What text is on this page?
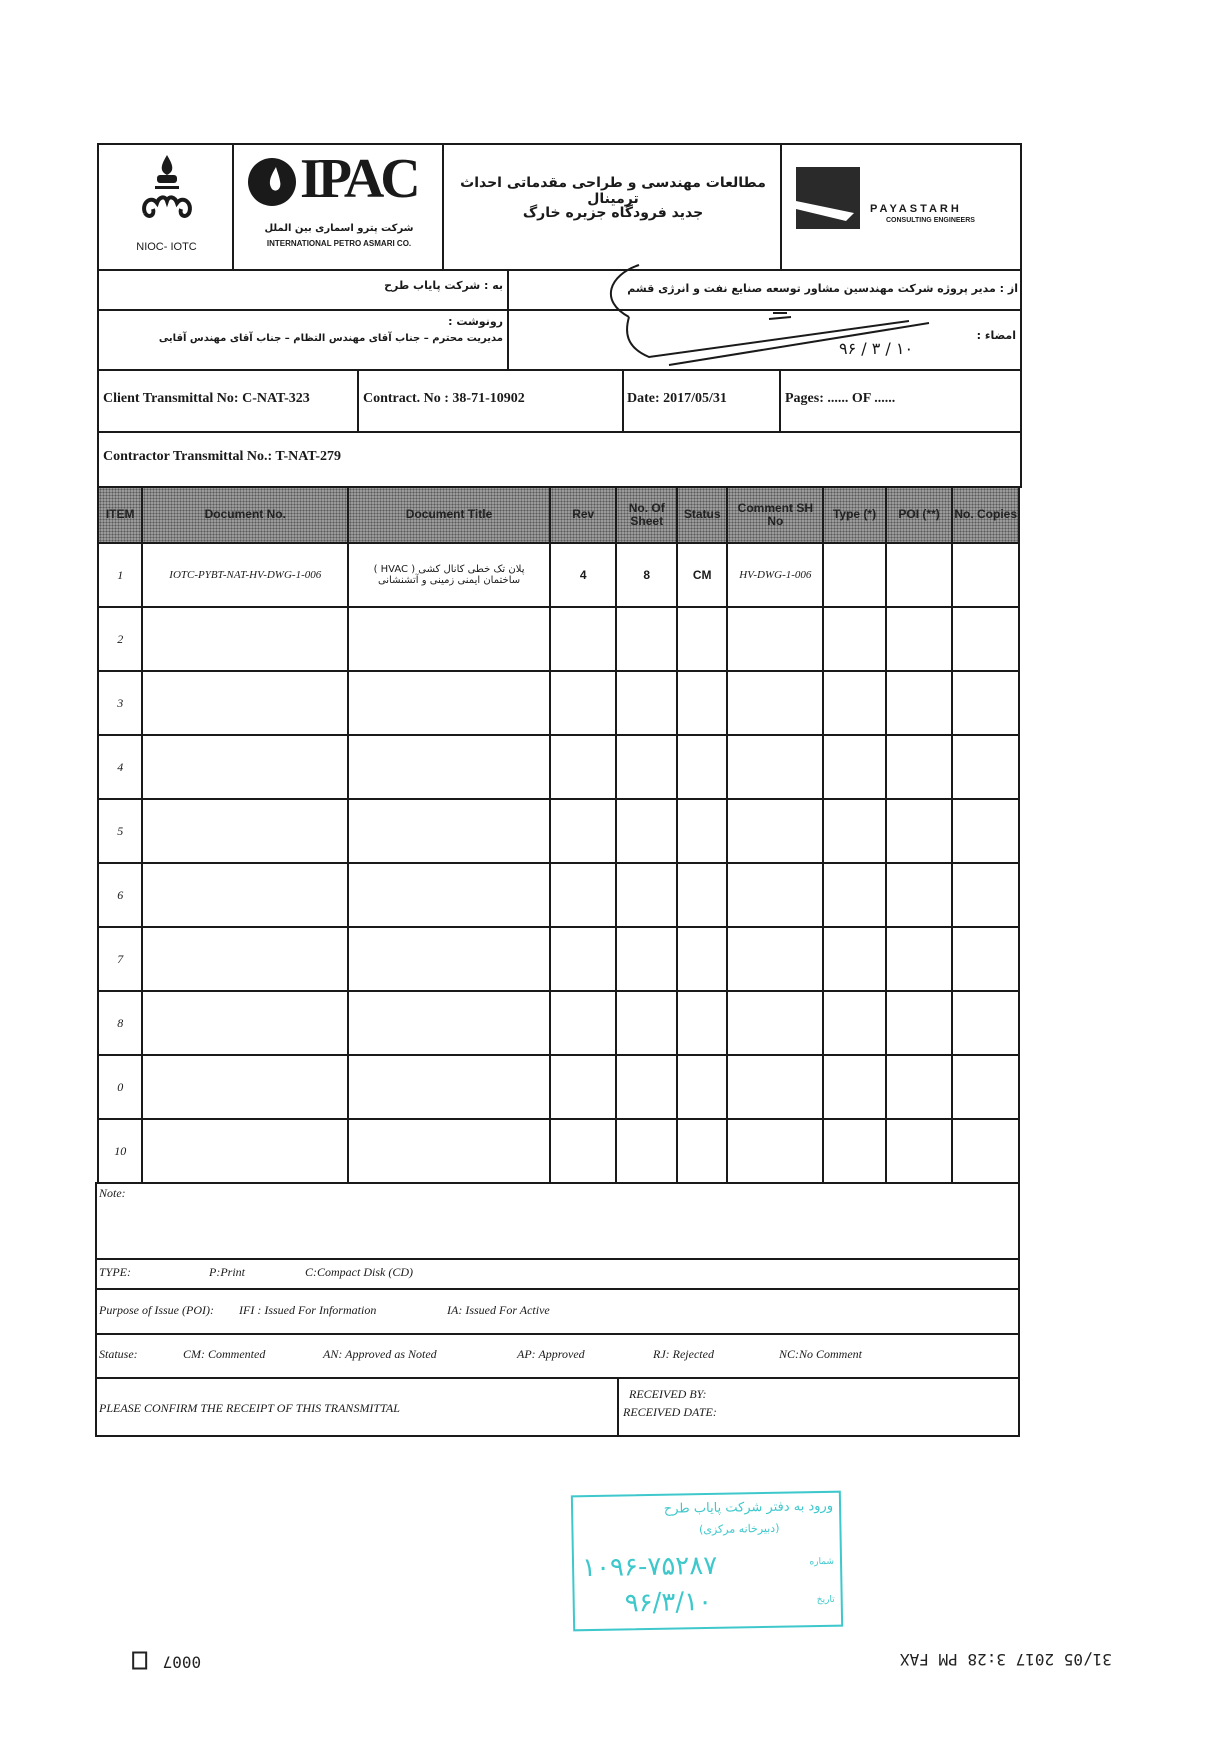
NIOC- IOTC
IPAC
شرکت پترو اسماری بین الملل
INTERNATIONAL PETRO ASMARI CO.
مطالعات مهندسی و طراحی مقدماتی احداث ترمینال
جدید فرودگاه جزیره خارگ	PAYASTARH
CONSULTING ENGINEERS
به : شرکت پایاب طرح	از : مدیر پروژه شرکت مهندسین مشاور توسعه صنایع نفت و انرژی قشم
رونوشت :
مدیریت محترم – جناب آقای مهندس التظام – جناب آقای مهندس آقایی	امضاء :
۱۰ / ۳ / ۹۶
Client Transmittal No: C-NAT-323	Contract. No : 38-71-10902	Date: 2017/05/31	Pages: ...... OF ......
Contractor Transmittal No.: T-NAT-279
ITEM	Document No.	Document Title	Rev	No. Of Sheet	Status	Comment SH No	Type (*)	POI (**)	No. Copies
1	IOTC-PYBT-NAT-HV-DWG-1-006	پلان تک خطی کانال کشی ( HVAC ) ساختمان ایمنی زمینی و آتشنشانی	4	8	CM	HV-DWG-1-006			
2									
3									
4									
5									
6									
7									
8									
0									
10									
Note:
TYPE:	P:Print	C:Compact Disk (CD)
Purpose of Issue (POI): IFI : Issued For Information	IA: Issued For Active
Statuse:	CM: Commented	AN: Approved as Noted	AP: Approved	RJ: Rejected	NC:No Comment
PLEASE CONFIRM THE RECEIPT OF THIS TRANSMITTAL
RECEIVED BY:
RECEIVED DATE:
ورود به دفتر شرکت پایاب طرح
(دبیرخانه مرکزی)
شماره
۱۰۹۶-۷۵۲۸۷
تاریخ
۹۶/۳/۱۰
0007	31/05 2017 3:28 PM FAX
